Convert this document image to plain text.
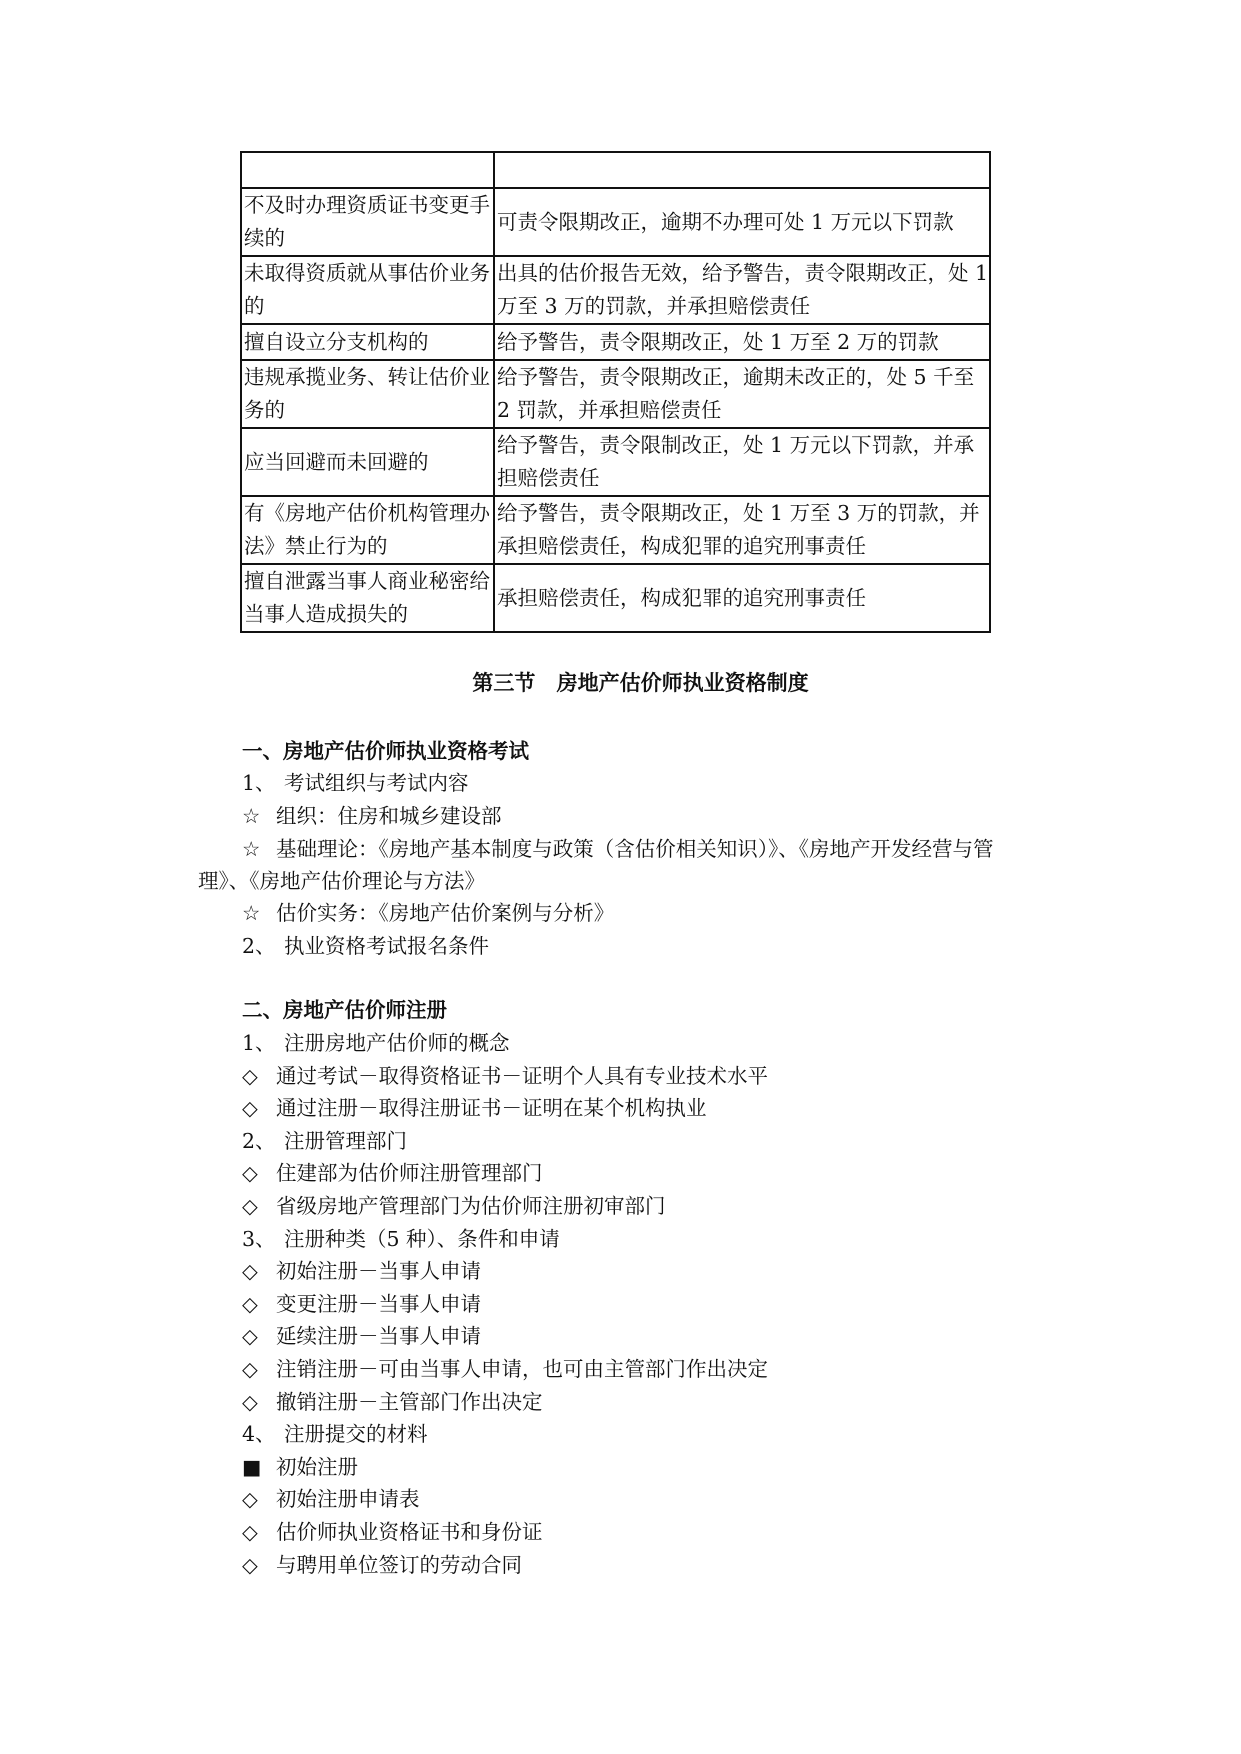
不及时办理资质证书变更手续的	可责令限期改正，逾期不办理可处 1 万元以下罚款
未取得资质就从事估价业务的	出具的估价报告无效，给予警告，责令限期改正，处 1 万至 3 万的罚款，并承担赔偿责任
擅自设立分支机构的	给予警告，责令限期改正，处 1 万至 2 万的罚款
违规承揽业务、转让估价业务的	给予警告，责令限期改正，逾期未改正的，处 5 千至 2 罚款，并承担赔偿责任
应当回避而未回避的	给予警告，责令限制改正，处 1 万元以下罚款，并承担赔偿责任
有《房地产估价机构管理办法》禁止行为的	给予警告，责令限期改正，处 1 万至 3 万的罚款，并承担赔偿责任，构成犯罪的追究刑事责任
擅自泄露当事人商业秘密给当事人造成损失的	承担赔偿责任，构成犯罪的追究刑事责任
第三节 房地产估价师执业资格制度
一、房地产估价师执业资格考试
1、 考试组织与考试内容
☆ 组织：住房和城乡建设部
☆ 基础理论：《房地产基本制度与政策（含估价相关知识）》、《房地产开发经营与管理》、《房地产估价理论与方法》
☆ 估价实务：《房地产估价案例与分析》
2、 执业资格考试报名条件
二、房地产估价师注册
1、 注册房地产估价师的概念
◇ 通过考试－取得资格证书－证明个人具有专业技术水平
◇ 通过注册－取得注册证书－证明在某个机构执业
2、 注册管理部门
◇ 住建部为估价师注册管理部门
◇ 省级房地产管理部门为估价师注册初审部门
3、 注册种类（5 种）、条件和申请
◇ 初始注册－当事人申请
◇ 变更注册－当事人申请
◇ 延续注册－当事人申请
◇ 注销注册－可由当事人申请，也可由主管部门作出决定
◇ 撤销注册－主管部门作出决定
4、 注册提交的材料
■ 初始注册
◇ 初始注册申请表
◇ 估价师执业资格证书和身份证
◇ 与聘用单位签订的劳动合同
